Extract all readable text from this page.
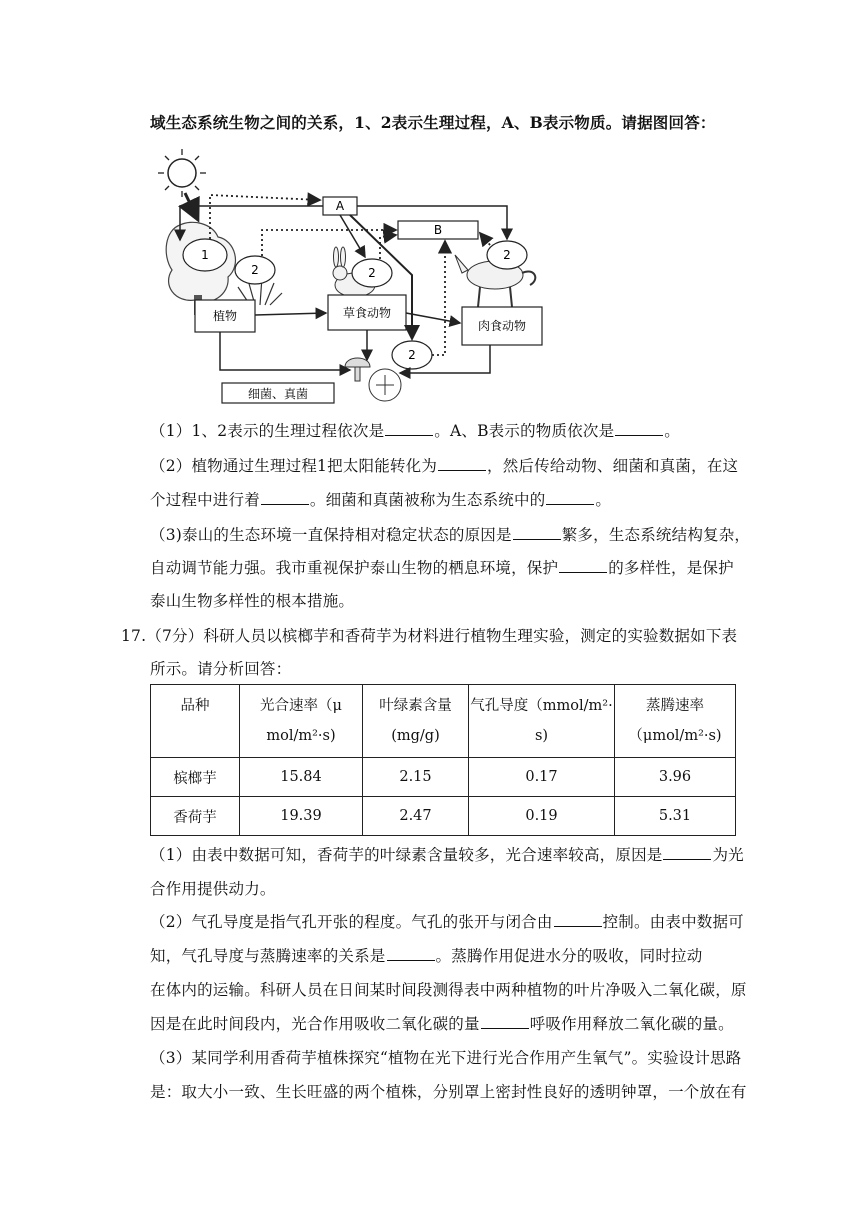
域生态系统生物之间的关系，1、2表示生理过程，A、B表示物质。请据图回答：
A
B
1
2	2
2
2
植物	草食动物
肉食动物
细菌、真菌
（1）1、2表示的生理过程依次是	。A、B表示的物质依次是	。
（2）植物通过生理过程1把太阳能转化为	，然后传给动物、细菌和真菌，在这
个过程中进行着	。细菌和真菌被称为生态系统中的	。
（3)泰山的生态环境一直保持相对稳定状态的原因是	繁多，生态系统结构复杂，
自动调节能力强。我市重视保护泰山生物的栖息环境，保护	的多样性，是保护
泰山生物多样性的根本措施。
17.（7分）科研人员以槟榔芋和香荷芋为材料进行植物生理实验，测定的实验数据如下表
所示。请分析回答：
品种	光合速率（μ
mol/m²·s)	叶绿素含量
(mg/g)	气孔导度（mmol/m²·
s)	蒸腾速率
（μmol/m²·s)
槟榔芋	15.84	2.15	0.17	3.96
香荷芋	19.39	2.47	0.19	5.31
（1）由表中数据可知，香荷芋的叶绿素含量较多，光合速率较高，原因是	为光
合作用提供动力。
（2）气孔导度是指气孔开张的程度。气孔的张开与闭合由	控制。由表中数据可
知，气孔导度与蒸腾速率的关系是	。蒸腾作用促进水分的吸收，同时拉动
在体内的运输。科研人员在日间某时间段测得表中两种植物的叶片净吸入二氧化碳，原
因是在此时间段内，光合作用吸收二氧化碳的量	呼吸作用释放二氧化碳的量。
（3）某同学利用香荷芋植株探究“植物在光下进行光合作用产生氧气”。实验设计思路
是：取大小一致、生长旺盛的两个植株，分别罩上密封性良好的透明钟罩，一个放在有
